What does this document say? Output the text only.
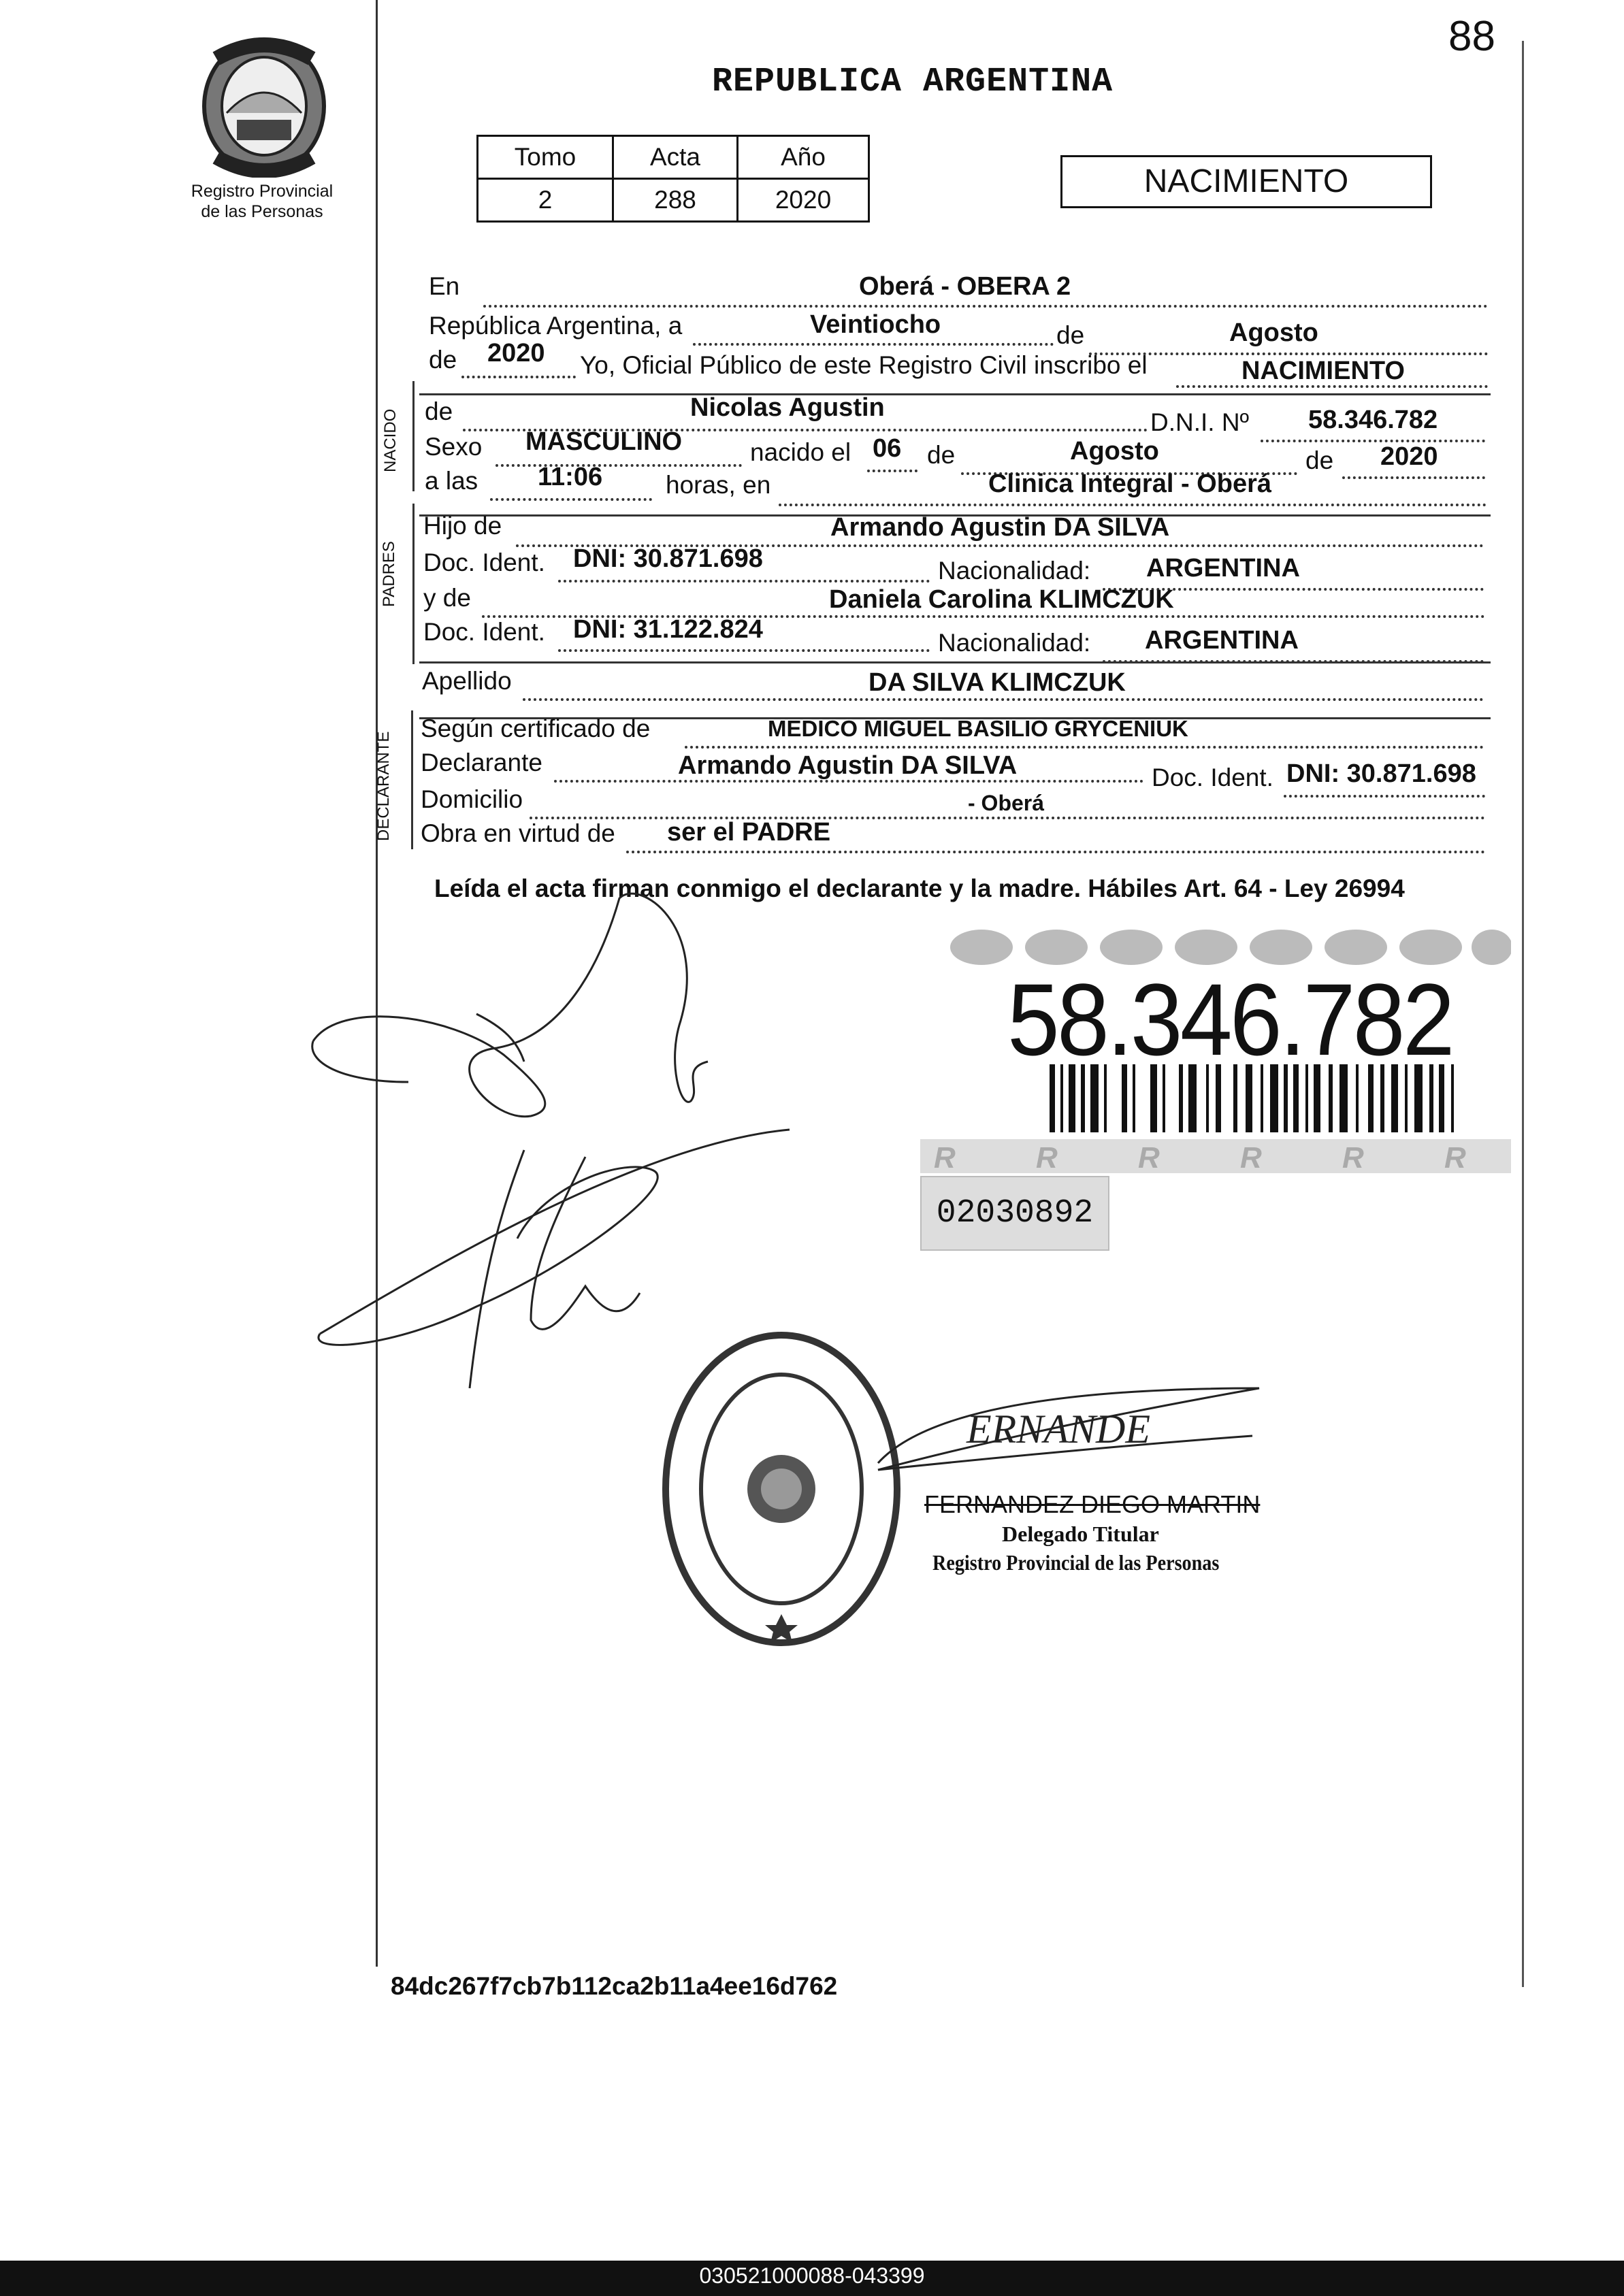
88
REPUBLICA ARGENTINA
Registro Provincial
de las Personas
Tomo	Acta	Año
2	288	2020
NACIMIENTO
En	Oberá - OBERA 2
República Argentina, a	Veintiocho	de	Agosto
de 2020 Yo, Oficial Público de este Registro Civil inscribo el	NACIMIENTO
NACIDO de	Nicolas Agustin
D.N.I. Nº 58.346.782
Sexo MASCULINO	nacido el 06 de	Agosto	de 2020
a las 11:06	horas, en	Clinica Integral - Oberá
PADRES
Hijo de	Armando Agustin DA SILVA
Doc. Ident. DNI: 30.871.698	Nacionalidad: ARGENTINA
y de	Daniela Carolina KLIMCZUK
Doc. Ident. DNI: 31.122.824	Nacionalidad: ARGENTINA
Apellido	DA SILVA KLIMCZUK
DECLARANTE
Según certificado de	MEDICO MIGUEL BASILIO GRYCENIUK
Declarante	Armando Agustin DA SILVA	Doc. Ident. DNI: 30.871.698
Domicilio	- Oberá
Obra en virtud de ser el PADRE
Leída el acta firman conmigo el declarante y la madre. Hábiles Art. 64 - Ley 26994
R	R	R	R	R	R
58.346.782
02030892
ERNANDE
FERNANDEZ DIEGO MARTIN
Delegado Titular
Registro Provincial de las Personas
84dc267f7cb7b112ca2b11a4ee16d762
030521000088-043399
